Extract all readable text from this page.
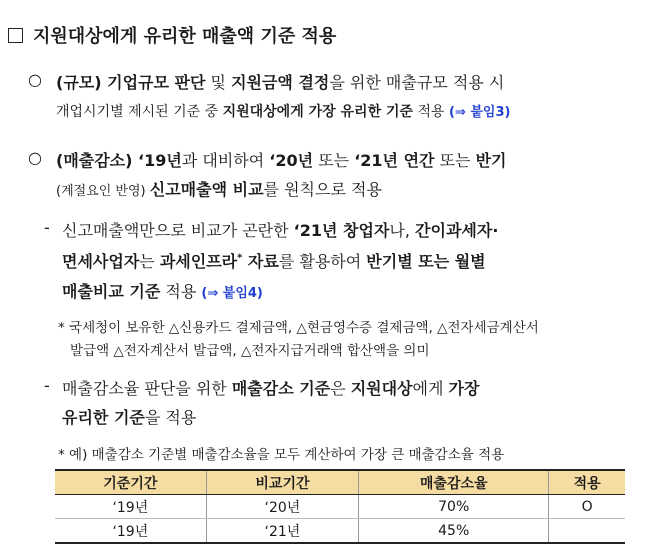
지원대상에게 유리한 매출액 기준 적용
○ (규모) 기업규모 판단 및 지원금액 결정을 위한 매출규모 적용 시
개업시기별 제시된 기준 중 지원대상에게 가장 유리한 기준 적용 (⇒ 붙임3)
○ (매출감소) ‘19년과 대비하여 ‘20년 또는 ‘21년 연간 또는 반기
(계절요인 반영) 신고매출액 비교를 원칙으로 적용
- 신고매출액만으로 비교가 곤란한 ‘21년 창업자나, 간이과세자·
면세사업자는 과세인프라* 자료를 활용하여 반기별 또는 월별
매출비교 기준 적용 (⇒ 붙임4)
* 국세청이 보유한 △신용카드 결제금액, △현금영수증 결제금액, △전자세금계산서
발급액 △전자계산서 발급액, △전자지급거래액 합산액을 의미
- 매출감소율 판단을 위한 매출감소 기준은 지원대상에게 가장
유리한 기준을 적용
* 예) 매출감소 기준별 매출감소율을 모두 계산하여 가장 큰 매출감소율 적용
기준기간	비교기간	매출감소율	적용
‘19년	‘20년	70%	O
‘19년	‘21년	45%	
